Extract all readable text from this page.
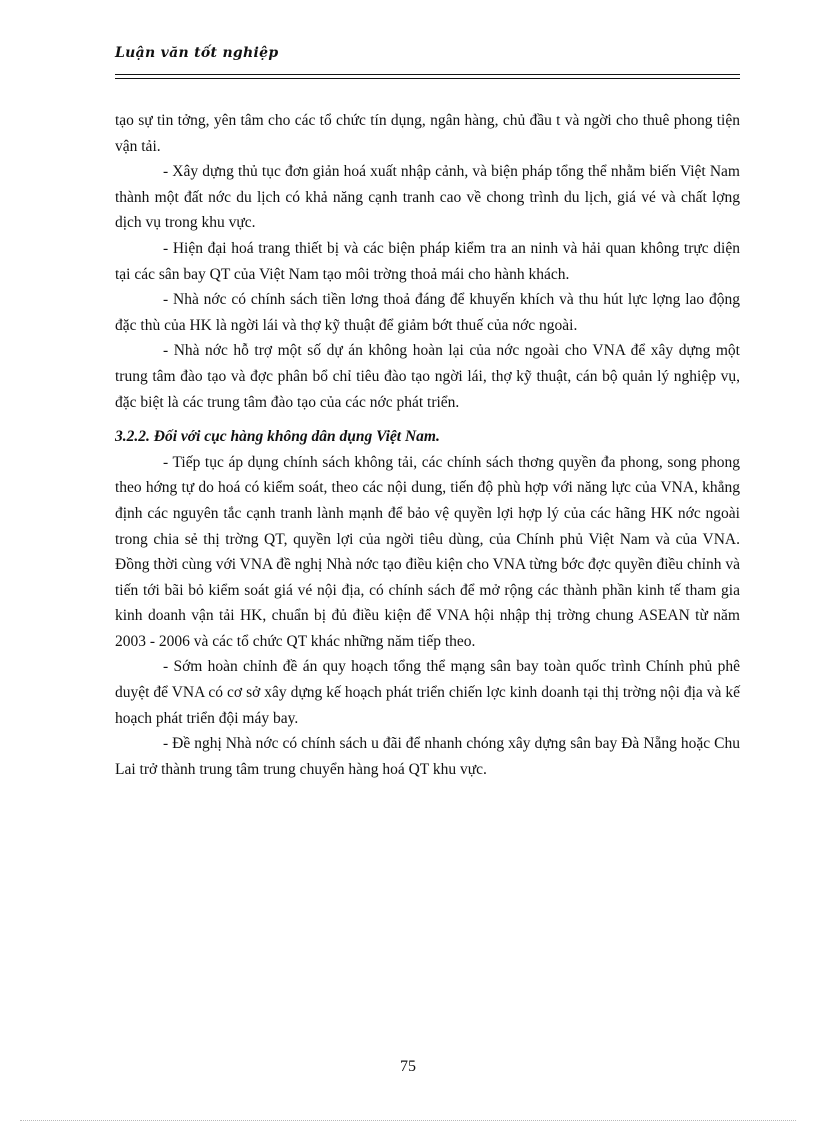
Luận văn tốt nghiệp

tạo sự tin tởng, yên tâm cho các tổ chức tín dụng, ngân hàng, chủ đầu t và ngời cho thuê phong tiện vận tải.

- Xây dựng thủ tục đơn giản hoá xuất nhập cảnh, và biện pháp tổng thể nhằm biến Việt Nam thành một đất nớc du lịch có khả năng cạnh tranh cao về chong trình du lịch, giá vé và chất lợng dịch vụ trong khu vực.

- Hiện đại hoá trang thiết bị và các biện pháp kiểm tra an ninh và hải quan không trực diện tại các sân bay QT của Việt Nam tạo môi trờng thoả mái cho hành khách.

- Nhà nớc có chính sách tiền lơng thoả đáng để khuyến khích và thu hút lực lợng lao động đặc thù của HK là ngời lái và thợ kỹ thuật để giảm bớt thuế của nớc ngoài.

- Nhà nớc hỗ trợ một số dự án không hoàn lại của nớc ngoài cho VNA để xây dựng một trung tâm đào tạo và đợc phân bổ chỉ tiêu đào tạo ngời lái, thợ kỹ thuật, cán bộ quản lý nghiệp vụ, đặc biệt là các trung tâm đào tạo của các nớc phát triển.

3.2.2. Đối với cục hàng không dân dụng Việt Nam.

- Tiếp tục áp dụng chính sách không tải, các chính sách thơng quyền đa phong, song phong theo hớng tự do hoá có kiểm soát, theo các nội dung, tiến độ phù hợp với năng lực của VNA, khẳng định các nguyên tắc cạnh tranh lành mạnh để bảo vệ quyền lợi hợp lý của các hãng HK nớc ngoài trong chia sẻ thị trờng QT, quyền lợi của ngời tiêu dùng, của Chính phủ Việt Nam và của VNA. Đồng thời cùng với VNA đề nghị Nhà nớc tạo điều kiện cho VNA từng bớc đợc quyền điều chỉnh và tiến tới bãi bỏ kiểm soát giá vé nội địa, có chính sách để mở rộng các thành phần kinh tế tham gia kinh doanh vận tải HK, chuẩn bị đủ điều kiện để VNA hội nhập thị trờng chung ASEAN từ năm 2003 - 2006 và các tổ chức QT khác những năm tiếp theo.

- Sớm hoàn chỉnh đề án quy hoạch tổng thể mạng sân bay toàn quốc trình Chính phủ phê duyệt để VNA có cơ sở xây dựng kế hoạch phát triển chiến lợc kinh doanh tại thị trờng nội địa và kế hoạch phát triển đội máy bay.

- Đề nghị Nhà nớc có chính sách u đãi để nhanh chóng xây dựng sân bay Đà Nẵng hoặc Chu Lai trở thành trung tâm trung chuyển hàng hoá QT khu vực.

75
